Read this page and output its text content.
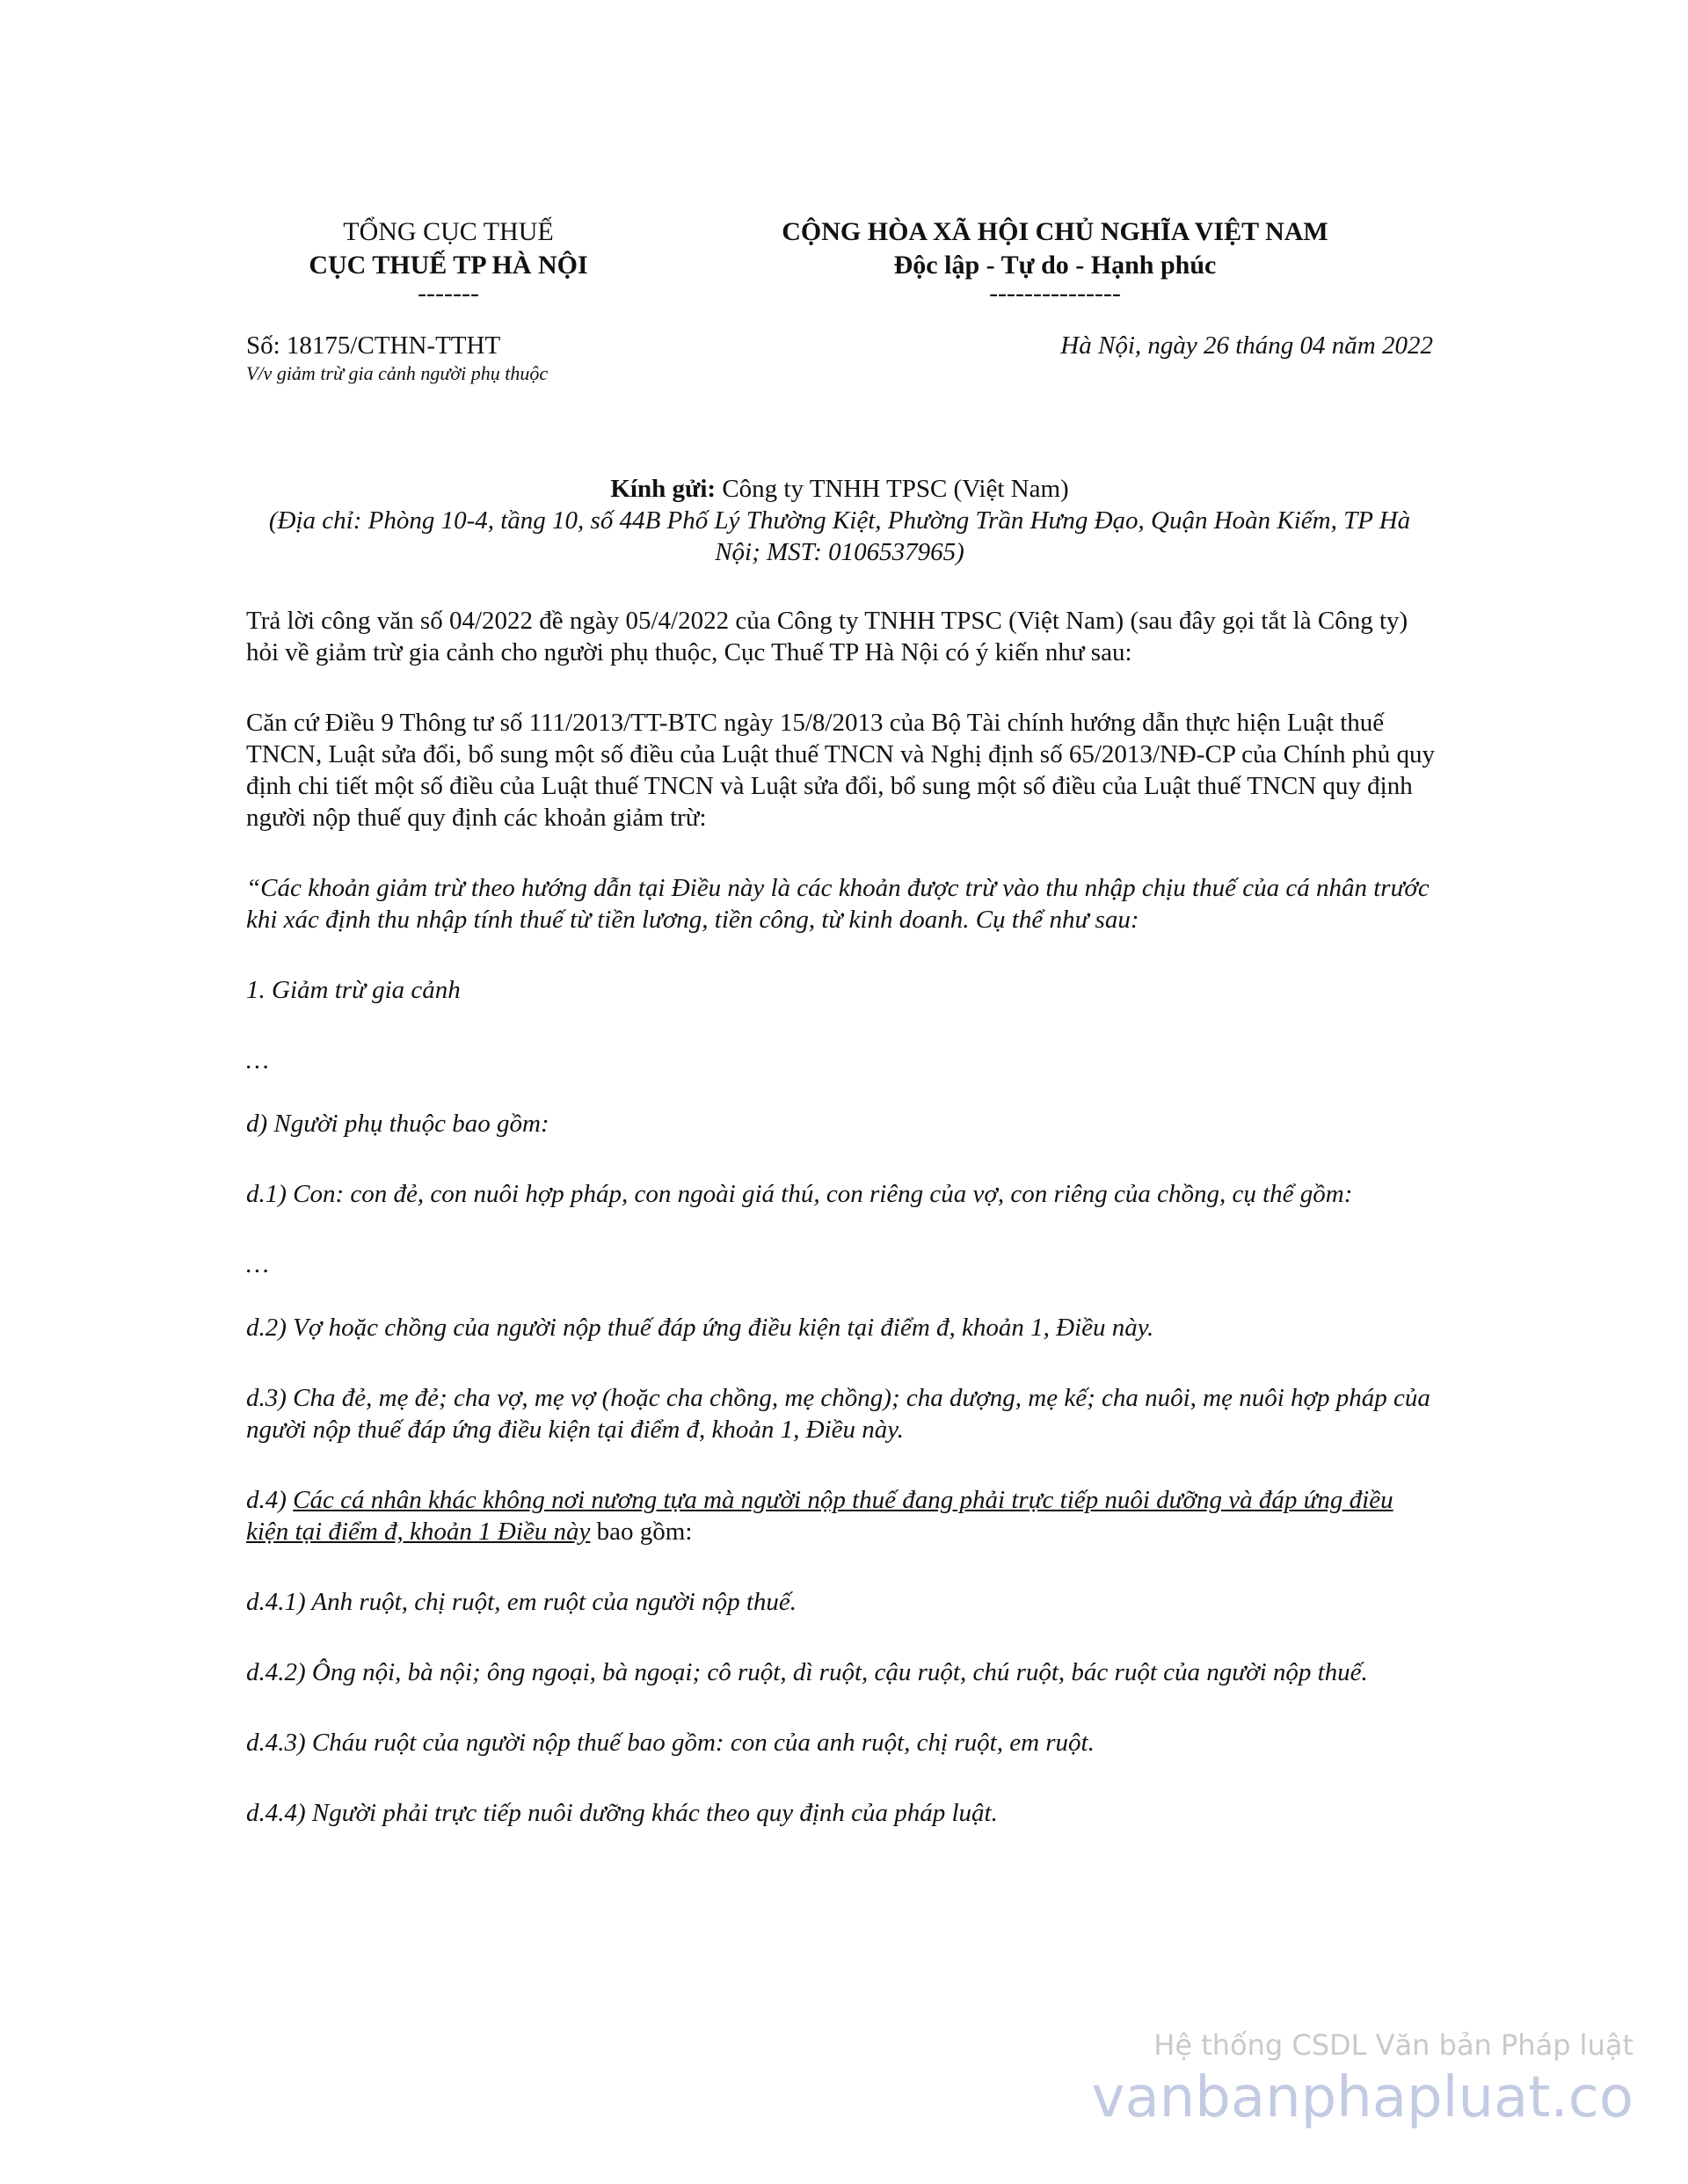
TỔNG CỤC THUẾ
CỤC THUẾ TP HÀ NỘI
-------
CỘNG HÒA XÃ HỘI CHỦ NGHĨA VIỆT NAM
Độc lập - Tự do - Hạnh phúc
---------------
Số: 18175/CTHN-TTHT
V/v giảm trừ gia cảnh người phụ thuộc
Hà Nội, ngày 26 tháng 04 năm 2022
Kính gửi: Công ty TNHH TPSC (Việt Nam)
(Địa chỉ: Phòng 10-4, tầng 10, số 44B Phố Lý Thường Kiệt, Phường Trần Hưng Đạo, Quận Hoàn Kiếm, TP Hà Nội; MST: 0106537965)

Trả lời công văn số 04/2022 đề ngày 05/4/2022 của Công ty TNHH TPSC (Việt Nam) (sau đây gọi tắt là Công ty) hỏi về giảm trừ gia cảnh cho người phụ thuộc, Cục Thuế TP Hà Nội có ý kiến như sau:

Căn cứ Điều 9 Thông tư số 111/2013/TT-BTC ngày 15/8/2013 của Bộ Tài chính hướng dẫn thực hiện Luật thuế TNCN, Luật sửa đổi, bổ sung một số điều của Luật thuế TNCN và Nghị định số 65/2013/NĐ-CP của Chính phủ quy định chi tiết một số điều của Luật thuế TNCN và Luật sửa đổi, bổ sung một số điều của Luật thuế TNCN quy định người nộp thuế quy định các khoản giảm trừ:

“Các khoản giảm trừ theo hướng dẫn tại Điều này là các khoản được trừ vào thu nhập chịu thuế của cá nhân trước khi xác định thu nhập tính thuế từ tiền lương, tiền công, từ kinh doanh. Cụ thể như sau:

1. Giảm trừ gia cảnh

…

d) Người phụ thuộc bao gồm:

d.1) Con: con đẻ, con nuôi hợp pháp, con ngoài giá thú, con riêng của vợ, con riêng của chồng, cụ thể gồm:

…

d.2) Vợ hoặc chồng của người nộp thuế đáp ứng điều kiện tại điểm đ, khoản 1, Điều này.

d.3) Cha đẻ, mẹ đẻ; cha vợ, mẹ vợ (hoặc cha chồng, mẹ chồng); cha dượng, mẹ kế; cha nuôi, mẹ nuôi hợp pháp của người nộp thuế đáp ứng điều kiện tại điểm đ, khoản 1, Điều này.

d.4) Các cá nhân khác không nơi nương tựa mà người nộp thuế đang phải trực tiếp nuôi dưỡng và đáp ứng điều kiện tại điểm đ, khoản 1 Điều này bao gồm:

d.4.1) Anh ruột, chị ruột, em ruột của người nộp thuế.

d.4.2) Ông nội, bà nội; ông ngoại, bà ngoại; cô ruột, dì ruột, cậu ruột, chú ruột, bác ruột của người nộp thuế.

d.4.3) Cháu ruột của người nộp thuế bao gồm: con của anh ruột, chị ruột, em ruột.

d.4.4) Người phải trực tiếp nuôi dưỡng khác theo quy định của pháp luật.

Hệ thống CSDL Văn bản Pháp luật
vanbanphapluat.co
